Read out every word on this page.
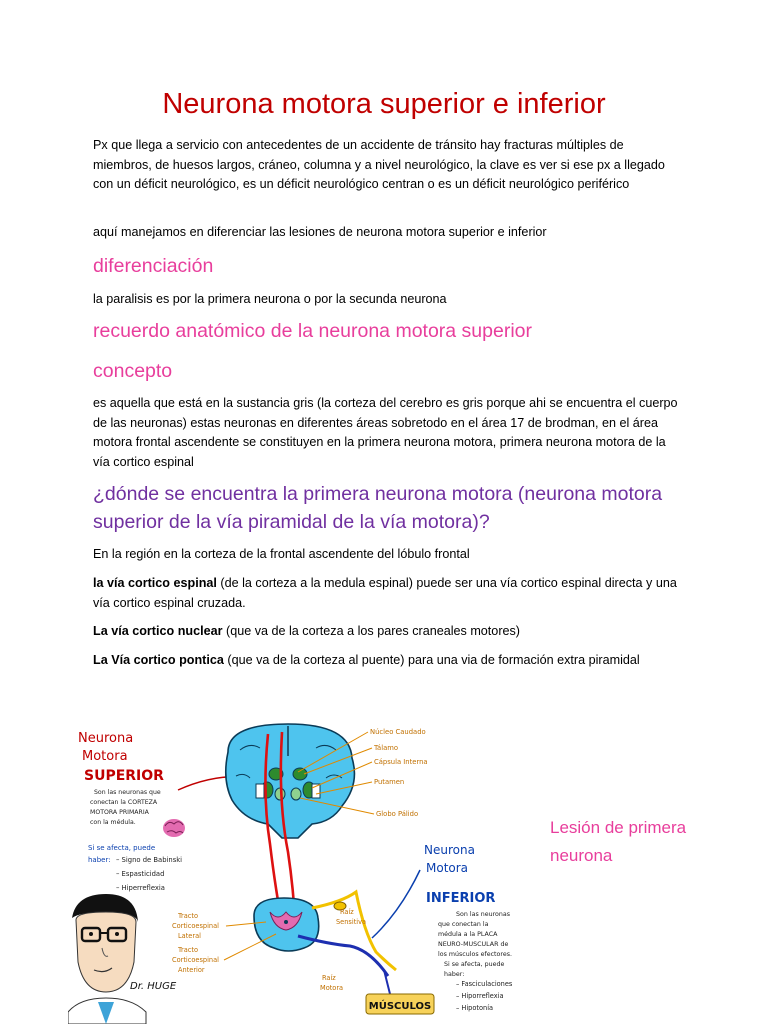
Neurona motora superior e inferior
Px que llega a servicio con antecedentes de un accidente de tránsito hay fracturas múltiples de miembros, de huesos largos, cráneo, columna y a nivel neurológico, la clave es ver si ese px a llegado con un déficit neurológico, es un déficit neurológico centran o es un déficit neurológico periférico
aquí manejamos en diferenciar las lesiones de neurona motora superior e inferior
diferenciación
la paralisis es por la primera neurona o por la secunda neurona
recuerdo anatómico de la neurona motora superior
concepto
es aquella que está en la sustancia gris (la corteza del cerebro es gris porque ahi se encuentra el cuerpo de las neuronas) estas neuronas en diferentes áreas sobretodo en el área 17 de brodman, en el área motora frontal ascendente se constituyen en la primera neurona motora, primera neurona motora de la vía cortico espinal
¿dónde se encuentra la primera neurona motora (neurona motora superior de la vía piramidal de la vía motora)?
En la región en la corteza de la frontal ascendente del lóbulo frontal
la vía cortico espinal (de la corteza a la medula espinal) puede ser una vía cortico espinal directa y una vía cortico espinal cruzada.
La vía cortico nuclear (que va de la corteza a los pares craneales motores)
La Vía cortico pontica (que va de la corteza al puente) para una via de formación extra piramidal
Neurona
Motora
SUPERIOR
Son las neuronas que
conectan la CORTEZA
MOTORA PRIMARIA
con la médula.
Si se afecta, puede
haber: – Signo de Babinski
– Espasticidad
– Hiperreflexia
Dr. HUGE
Núcleo Caudado
Tálamo
Cápsula Interna
Putamen
Globo Pálido
Neurona
Motora
INFERIOR
Son las neuronas
que conectan la
médula a la PLACA
NEURO-MUSCULAR de
los músculos efectores.
Si se afecta, puede
haber:
– Fasciculaciones
– Hiporreflexia
– Hipotonía
Tracto
Corticoespinal
Lateral
Tracto
Corticoespinal
Anterior
Raíz
Sensitiva
Raíz
Motora
MÚSCULOS
Lesión de primera neurona
